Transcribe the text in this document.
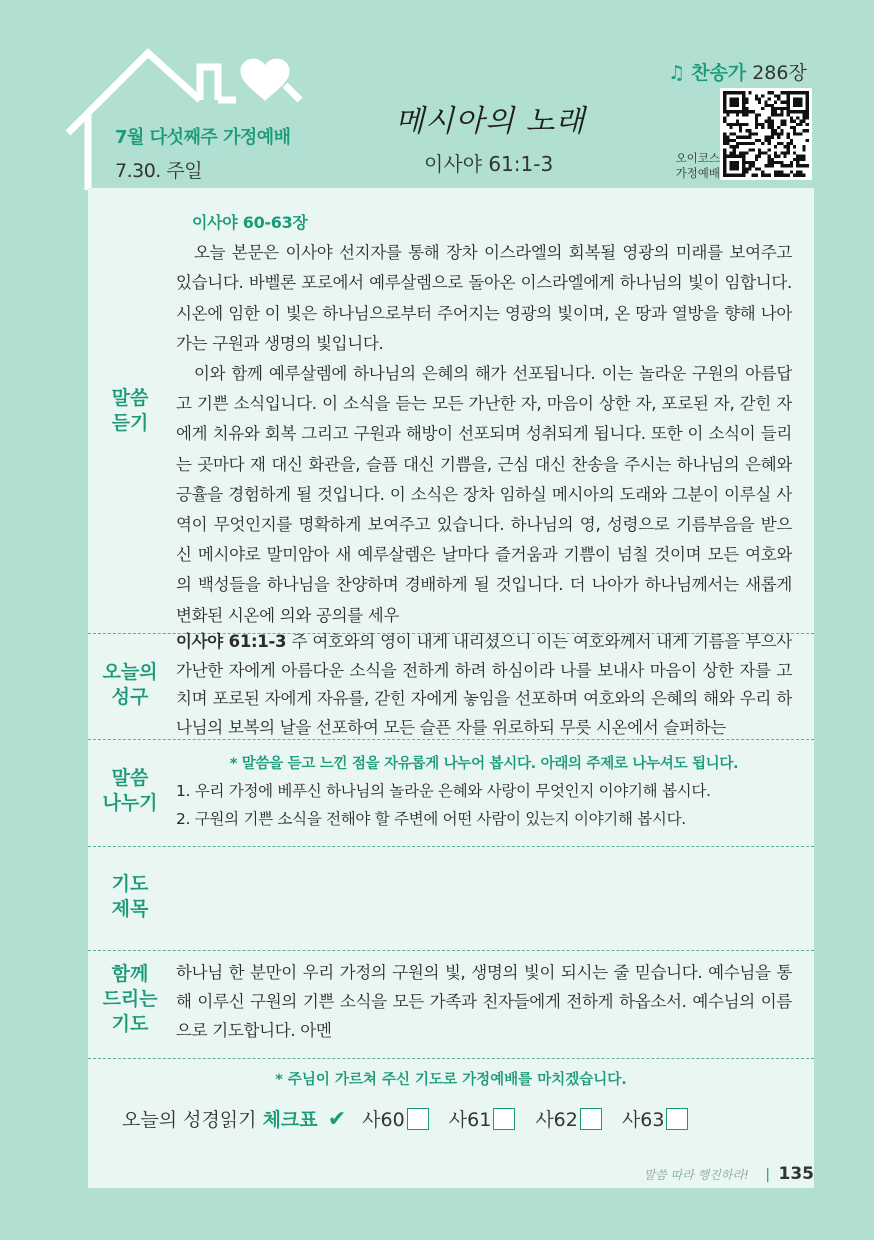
7월 다섯째주 가정예배
7.30. 주일
메시아의 노래
이사야 61:1-3
♫ 찬송가 286장
오이코스
가정예배
말씀
듣기
이사야 60-63장
오늘 본문은 이사야 선지자를 통해 장차 이스라엘의 회복될 영광의 미래를 보여주고 있습니다. 바벨론 포로에서 예루살렘으로 돌아온 이스라엘에게 하나님의 빛이 임합니다. 시온에 임한 이 빛은 하나님으로부터 주어지는 영광의 빛이며, 온 땅과 열방을 향해 나아가는 구원과 생명의 빛입니다.
이와 함께 예루살렘에 하나님의 은혜의 해가 선포됩니다. 이는 놀라운 구원의 아름답고 기쁜 소식입니다. 이 소식을 듣는 모든 가난한 자, 마음이 상한 자, 포로된 자, 갇힌 자에게 치유와 회복 그리고 구원과 해방이 선포되며 성취되게 됩니다. 또한 이 소식이 들리는 곳마다 재 대신 화관을, 슬픔 대신 기쁨을, 근심 대신 찬송을 주시는 하나님의 은혜와 긍휼을 경험하게 될 것입니다. 이 소식은 장차 임하실 메시아의 도래와 그분이 이루실 사역이 무엇인지를 명확하게 보여주고 있습니다. 하나님의 영, 성령으로 기름부음을 받으신 메시야로 말미암아 새 예루살렘은 날마다 즐거움과 기쁨이 넘칠 것이며 모든 여호와의 백성들을 하나님을 찬양하며 경배하게 될 것입니다. 더 나아가 하나님께서는 새롭게 변화된 시온에 의와 공의를 세우
오늘의
성구
이사야 61:1-3 주 여호와의 영이 내게 내리셨으니 이는 여호와께서 내게 기름을 부으사 가난한 자에게 아름다운 소식을 전하게 하려 하심이라 나를 보내사 마음이 상한 자를 고치며 포로된 자에게 자유를, 갇힌 자에게 놓임을 선포하며 여호와의 은혜의 해와 우리 하나님의 보복의 날을 선포하여 모든 슬픈 자를 위로하되 무릇 시온에서 슬퍼하는
말씀
나누기
* 말씀을 듣고 느낀 점을 자유롭게 나누어 봅시다. 아래의 주제로 나누셔도 됩니다.
1. 우리 가정에 베푸신 하나님의 놀라운 은혜와 사랑이 무엇인지 이야기해 봅시다.
2. 구원의 기쁜 소식을 전해야 할 주변에 어떤 사람이 있는지 이야기해 봅시다.
기도
제목
함께
드리는
기도
하나님 한 분만이 우리 가정의 구원의 빛, 생명의 빛이 되시는 줄 믿습니다. 예수님을 통해 이루신 구원의 기쁜 소식을 모든 가족과 친자들에게 전하게 하옵소서. 예수님의 이름으로 기도합니다. 아멘
* 주님이 가르쳐 주신 기도로 가정예배를 마치겠습니다.
오늘의 성경읽기 체크표 ✔ 사60 사61 사62 사63
말씀 따라 행진하라! | 135
